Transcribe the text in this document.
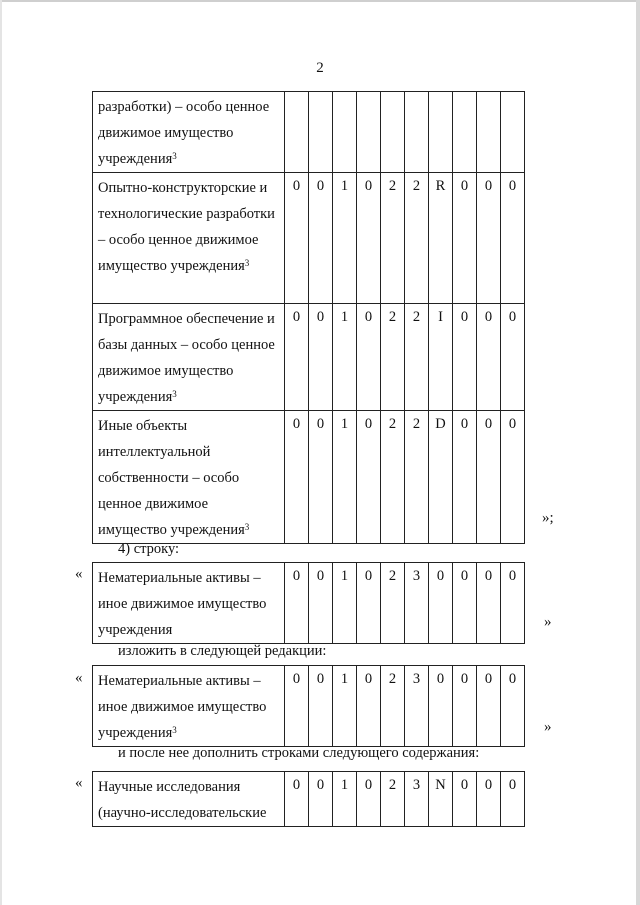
2
разработки) – особо ценное движимое имущество учреждения$^3$										
Опытно-конструкторские и технологические разработки – особо ценное движимое имущество учреждения$^3$	0	0	1	0	2	2	R	0	0	0
Программное обеспечение и базы данных – особо ценное движимое имущество учреждения$^3$	0	0	1	0	2	2	I	0	0	0
Иные объекты интеллектуальной собственности – особо ценное движимое имущество учреждения$^3$	0	0	1	0	2	2	D	0	0	0
»;
4) строку:
« Нематериальные активы – иное движимое имущество учреждения	0	0	1	0	2	3	0	0	0	0
»
изложить в следующей редакции:
« Нематериальные активы – иное движимое имущество учреждения$^3$	0	0	1	0	2	3	0	0	0	0
»
и после нее дополнить строками следующего содержания:
« Научные исследования (научно-исследовательские	0	0	1	0	2	3	N	0	0	0
